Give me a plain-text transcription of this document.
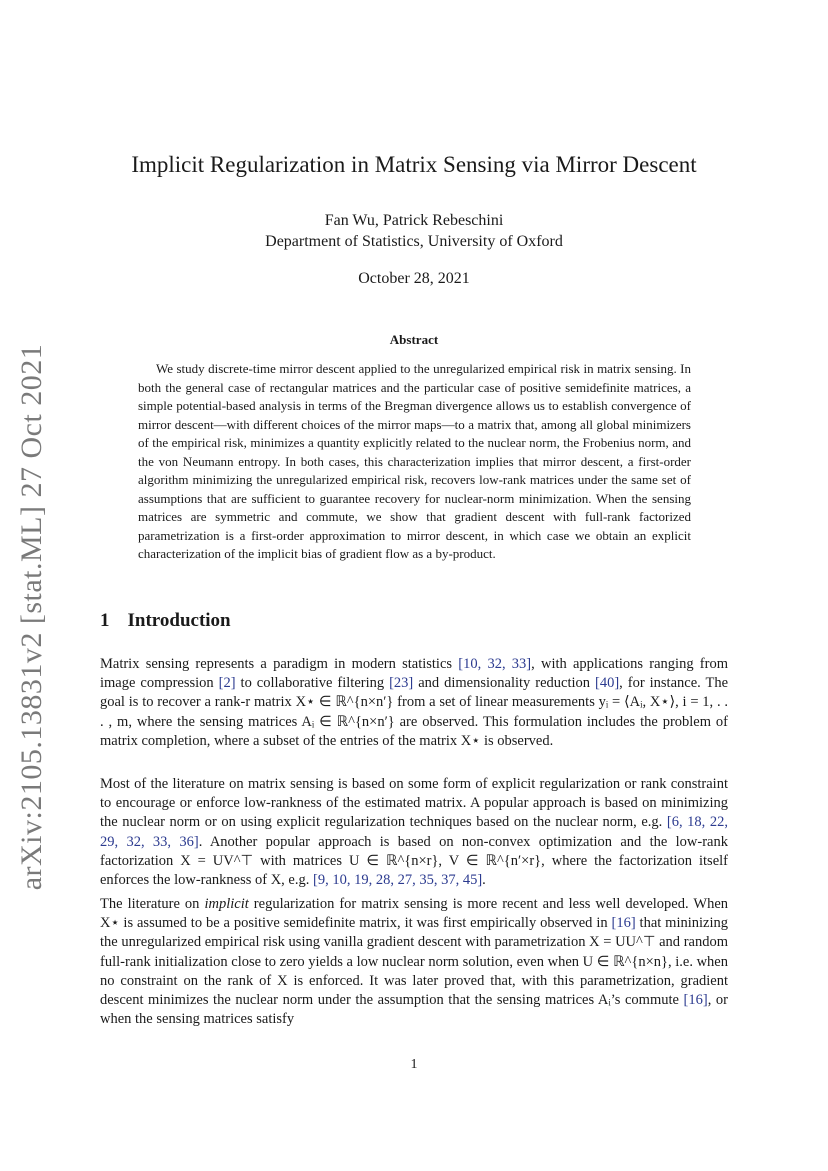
arXiv:2105.13831v2 [stat.ML] 27 Oct 2021
Implicit Regularization in Matrix Sensing via Mirror Descent
Fan Wu, Patrick Rebeschini
Department of Statistics, University of Oxford
October 28, 2021
Abstract
We study discrete-time mirror descent applied to the unregularized empirical risk in matrix sensing. In both the general case of rectangular matrices and the particular case of positive semidefinite matrices, a simple potential-based analysis in terms of the Bregman divergence allows us to establish convergence of mirror descent—with different choices of the mirror maps—to a matrix that, among all global minimizers of the empirical risk, minimizes a quantity explicitly related to the nuclear norm, the Frobenius norm, and the von Neumann entropy. In both cases, this characterization implies that mirror descent, a first-order algorithm minimizing the unregularized empirical risk, recovers low-rank matrices under the same set of assumptions that are sufficient to guarantee recovery for nuclear-norm minimization. When the sensing matrices are symmetric and commute, we show that gradient descent with full-rank factorized parametrization is a first-order approximation to mirror descent, in which case we obtain an explicit characterization of the implicit bias of gradient flow as a by-product.
1 Introduction
Matrix sensing represents a paradigm in modern statistics [10, 32, 33], with applications ranging from image compression [2] to collaborative filtering [23] and dimensionality reduction [40], for instance. The goal is to recover a rank-r matrix X⋆ ∈ ℝ^{n×n′} from a set of linear measurements yᵢ = ⟨Aᵢ, X⋆⟩, i = 1, . . . , m, where the sensing matrices Aᵢ ∈ ℝ^{n×n′} are observed. This formulation includes the problem of matrix completion, where a subset of the entries of the matrix X⋆ is observed.
Most of the literature on matrix sensing is based on some form of explicit regularization or rank constraint to encourage or enforce low-rankness of the estimated matrix. A popular approach is based on minimizing the nuclear norm or on using explicit regularization techniques based on the nuclear norm, e.g. [6, 18, 22, 29, 32, 33, 36]. Another popular approach is based on non-convex optimization and the low-rank factorization X = UV^⊤ with matrices U ∈ ℝ^{n×r}, V ∈ ℝ^{n′×r}, where the factorization itself enforces the low-rankness of X, e.g. [9, 10, 19, 28, 27, 35, 37, 45].
The literature on implicit regularization for matrix sensing is more recent and less well developed. When X⋆ is assumed to be a positive semidefinite matrix, it was first empirically observed in [16] that mininizing the unregularized empirical risk using vanilla gradient descent with parametrization X = UU^⊤ and random full-rank initialization close to zero yields a low nuclear norm solution, even when U ∈ ℝ^{n×n}, i.e. when no constraint on the rank of X is enforced. It was later proved that, with this parametrization, gradient descent minimizes the nuclear norm under the assumption that the sensing matrices Aᵢ’s commute [16], or when the sensing matrices satisfy
1
